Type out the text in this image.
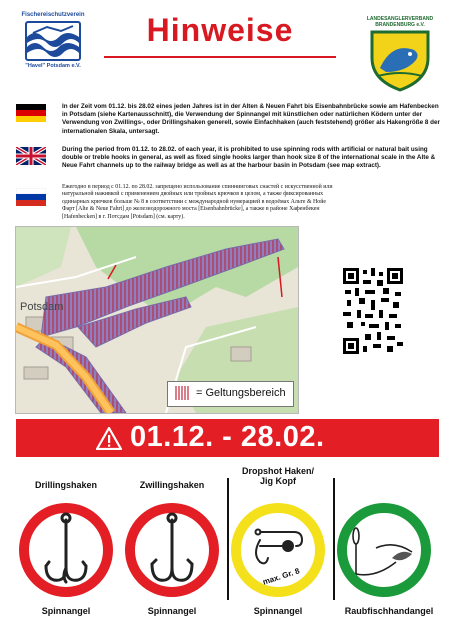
Fischereischutzverein
"Havel" Potsdam e.V.
Hinweise	LANDESANGLERVERBAND
BRANDENBURG e.V.
In der Zeit vom 01.12. bis 28.02 eines jeden Jahres ist in der Alten & Neuen Fahrt bis Eisenbahnbrücke sowie am Hafenbecken in Potsdam (siehe Kartenausschnitt), die Verwendung der Spinnangel mit künstlichen oder natürlichen Ködern unter der Verwendung von Zwillings-, oder Drillingshaken generell, sowie Einfachhaken (auch feststehend) größer als Hakengröße 8 der internationalen Skala, untersagt.
During the period from 01.12. to 28.02. of each year, it is prohibited to use spinning rods with artificial or natural bait using double or treble hooks in general, as well as fixed single hooks larger than hook size 8 of the international scale in the Alte & Neue Fahrt channels up to the railway bridge as well as at the harbour basin in Potsdam (see map extract).
Ежегодно в период с 01.12. по 28.02. запрещено использование спиннинговых снастей с искусственной или натуральной наживкой с применением двойных или тройных крючков в целом, а также фиксированных одинарных крючков больше № 8 в соответствии с международной нумерацией в водоёмах Альте & Нойе Фарт [Alte & Neue Fahrt] до железнодорожного моста [Eisenbahnbrücke], а также в районе Хафенбекен [Hafenbecken] в г. Потсдам [Potsdam] (см. карту).
Potsdam
= Geltungsbereich
01.12. - 28.02.
Drillingshaken	Zwillingshaken
Dropshot Haken/
Jig Kopf
max. Gr. 8
Spinnangel	Spinnangel	Spinnangel	Raubfischhandangel
